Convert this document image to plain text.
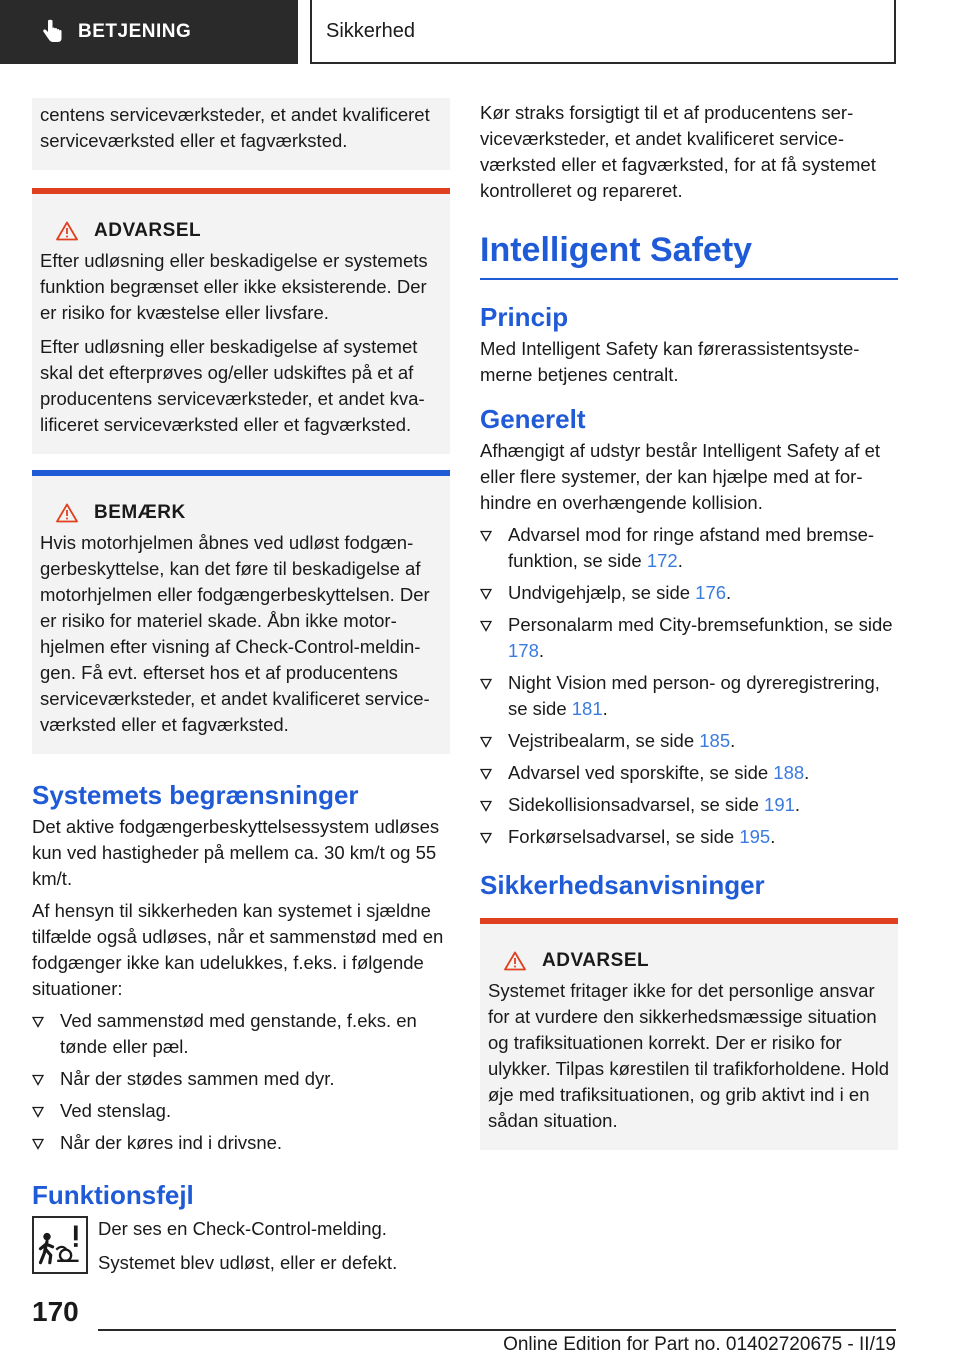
BETJENING	Sikkerhed
centens serviceværksteder, et andet kvalificeret serviceværksted eller et fagværksted.
ADVARSEL

Efter udløsning eller beskadigelse er systemets funktion begrænset eller ikke eksisterende. Der er risiko for kvæstelse eller livsfare.

Efter udløsning eller beskadigelse af systemet skal det efterprøves og/eller udskiftes på et af producentens serviceværksteder, et andet kvalificeret serviceværksted eller et fagværksted.

BEMÆRK

Hvis motorhjelmen åbnes ved udløst fodgængerbeskyttelse, kan det føre til beskadigelse af motorhjelmen eller fodgængerbeskyttelsen. Der er risiko for materiel skade. Åbn ikke motorhjelmen efter visning af Check-Control-meldingen. Få evt. efterset hos et af producentens serviceværksteder, et andet kvalificeret serviceværksted eller et fagværksted.

Systemets begrænsninger

Det aktive fodgængerbeskyttelsessystem udløses kun ved hastigheder på mellem ca. 30 km/t og 55 km/t.

Af hensyn til sikkerheden kan systemet i sjældne tilfælde også udløses, når et sammenstød med en fodgænger ikke kan udelukkes, f.eks. i følgende situationer:

Ved sammenstød med genstande, f.eks. en tønde eller pæl.
Når der stødes sammen med dyr.
Ved stenslag.
Når der køres ind i drivsne.
Funktionsfejl

Der ses en Check-Control-melding.

Systemet blev udløst, eller er defekt.

Kør straks forsigtigt til et af producentens serviceværksteder, et andet kvalificeret serviceværksted eller et fagværksted, for at få systemet kontrolleret og repareret.

Intelligent Safety
Princip

Med Intelligent Safety kan førerassistentsystemerne betjenes centralt.

Generelt

Afhængigt af udstyr består Intelligent Safety af et eller flere systemer, der kan hjælpe med at forhindre en overhængende kollision.

Advarsel mod for ringe afstand med bremsefunktion, se side 172.
Undvigehjælp, se side 176.
Personalarm med City-bremsefunktion, se side 178.
Night Vision med person- og dyreregistrering, se side 181.
Vejstribealarm, se side 185.
Advarsel ved sporskifte, se side 188.
Sidekollisionsadvarsel, se side 191.
Forkørselsadvarsel, se side 195.
Sikkerhedsanvisninger
ADVARSEL

Systemet fritager ikke for det personlige ansvar for at vurdere den sikkerhedsmæssige situation og trafiksituationen korrekt. Der er risiko for ulykker. Tilpas kørestilen til trafikforholdene. Hold øje med trafiksituationen, og grib aktivt ind i en sådan situation.

170
Online Edition for Part no. 01402720675 - II/19
